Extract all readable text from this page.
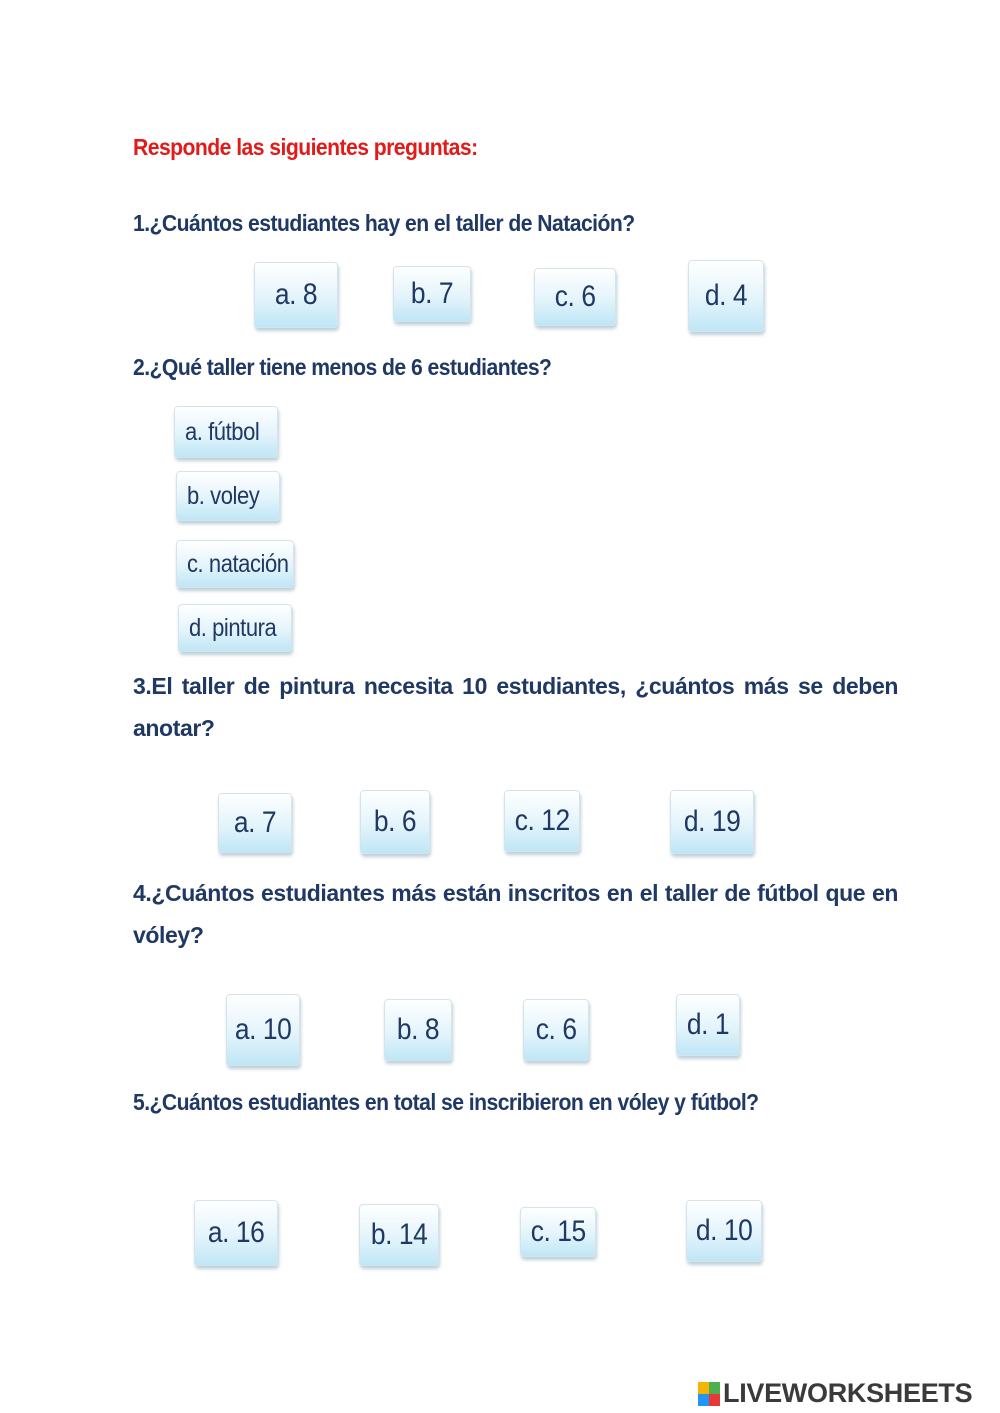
Responde las siguientes preguntas:
1.¿Cuántos estudiantes hay en el taller de Natación?
a. 8	b. 7	c. 6	d. 4
2.¿Qué taller tiene menos de 6 estudiantes?
a. fútbol
b. voley
c. natación
d. pintura
3.El taller de pintura necesita 10 estudiantes, ¿cuántos más se deben anotar?
a. 7	b. 6	c. 12	d. 19
4.¿Cuántos estudiantes más están inscritos en el taller de fútbol que en vóley?
a. 10	b. 8	c. 6	d. 1
5.¿Cuántos estudiantes en total se inscribieron en vóley y fútbol?
a. 16	b. 14	c. 15	d. 10
LIVEWORKSHEETS
